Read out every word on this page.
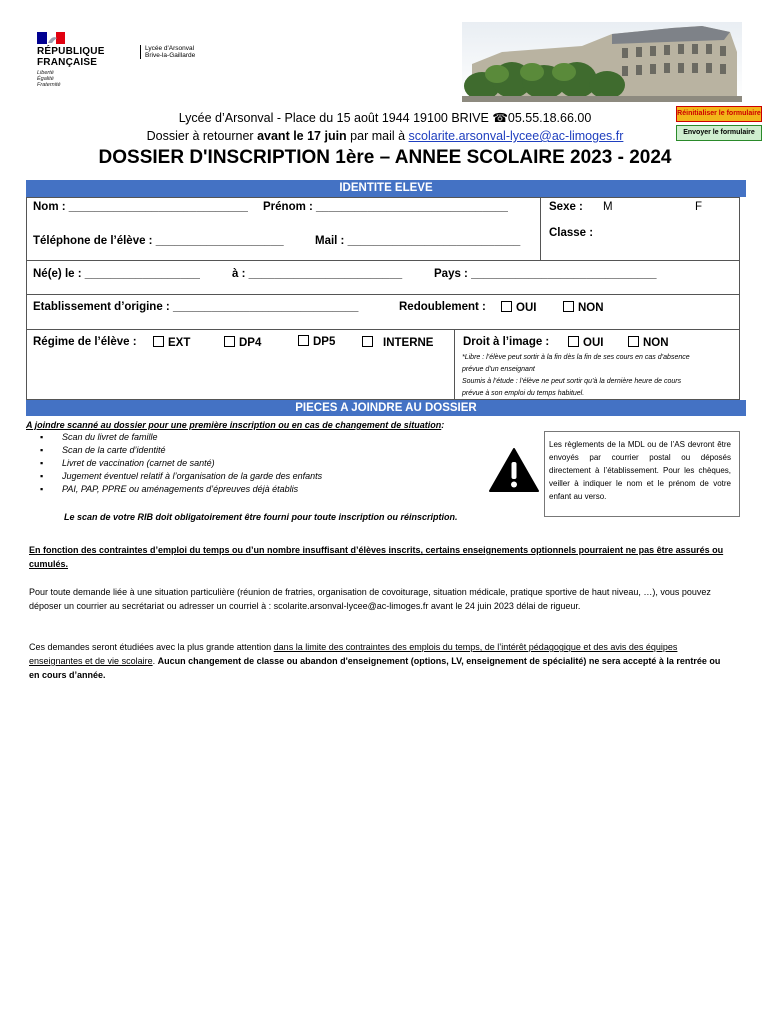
RÉPUBLIQUE
FRANÇAISE
Liberté
Égalité
Fraternité
Lycée d'Arsonval
Brive-la-Gaillarde
Lycée d’Arsonval - Place du 15 août 1944 19100 BRIVE ☎05.55.18.66.00
Dossier à retourner avant le 17 juin par mail à scolarite.arsonval-lycee@ac-limoges.fr
Réinitialiser le formulaire
Envoyer le formulaire
DOSSIER D'INSCRIPTION 1ère – ANNEE SCOLAIRE 2023 - 2024
IDENTITE ELEVE
Nom : ____________________________ Prénom : ______________________________
Téléphone de l’élève : ____________________	Mail : ___________________________
Sexe : M	F
Classe :
Né(e) le : __________________	à : ________________________	Pays : _____________________________
Etablissement d’origine : _____________________________	Redoublement :	OUI	NON
Régime de l’élève :	EXT	DP4	DP5	INTERNE	Droit à l’image :	OUI	NON
*Libre : l’élève peut sortir à la fin dès la fin de ses cours en cas d’absence
prévue d’un enseignant
Soumis à l’étude : l’élève ne peut sortir qu’à la dernière heure de cours
prévue à son emploi du temps habituel.
PIECES A JOINDRE AU DOSSIER
A joindre scanné au dossier pour une première inscription ou en cas de changement de situation:
▪ Scan du livret de famille
▪ Scan de la carte d’identité
▪ Livret de vaccination (carnet de santé)
▪ Jugement éventuel relatif à l’organisation de la garde des enfants
▪ PAI, PAP, PPRE ou aménagements d’épreuves déjà établis
Les règlements de la MDL ou de l’AS devront être envoyés par courrier postal ou déposés directement à l’établissement. Pour les chèques, veiller à indiquer le nom et le prénom de votre enfant au verso.
Le scan de votre RIB doit obligatoirement être fourni pour toute inscription ou réinscription.
En fonction des contraintes d’emploi du temps ou d’un nombre insuffisant d’élèves inscrits, certains enseignements optionnels pourraient ne pas être assurés ou cumulés.
Pour toute demande liée à une situation particulière (réunion de fratries, organisation de covoiturage, situation médicale, pratique sportive de haut niveau, …), vous pouvez déposer un courrier au secrétariat ou adresser un courriel à : scolarite.arsonval-lycee@ac-limoges.fr avant le 24 juin 2023 délai de rigueur.
Ces demandes seront étudiées avec la plus grande attention dans la limite des contraintes des emplois du temps, de l’intérêt pédagogique et des avis des équipes enseignantes et de vie scolaire. Aucun changement de classe ou abandon d'enseignement (options, LV, enseignement de spécialité) ne sera accepté à la rentrée ou en cours d’année.
